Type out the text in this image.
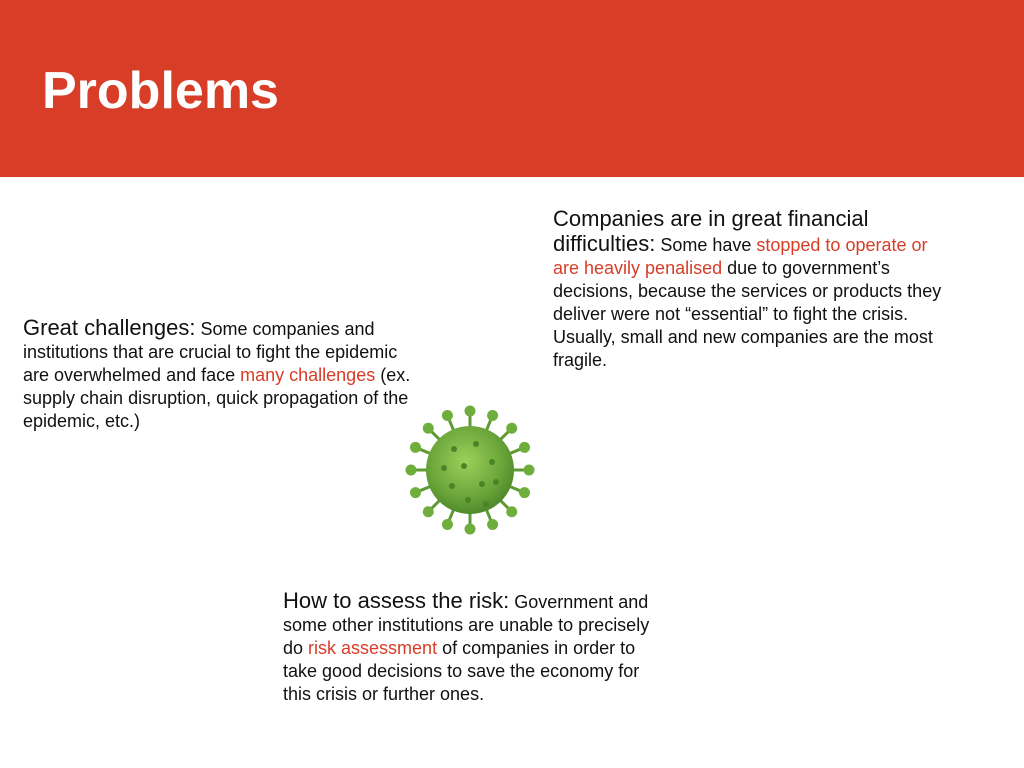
Problems
Great challenges: Some companies and institutions that are crucial to fight the epidemic are overwhelmed and face many challenges (ex. supply chain disruption, quick propagation of the epidemic, etc.)
Companies are in great financial difficulties: Some have stopped to operate or are heavily penalised due to government’s decisions, because the services or products they deliver were not “essential” to fight the crisis. Usually, small and new companies are the most fragile.
How to assess the risk: Government and some other institutions are unable to precisely do risk assessment of companies in order to take good decisions to save the economy for this crisis or further ones.
